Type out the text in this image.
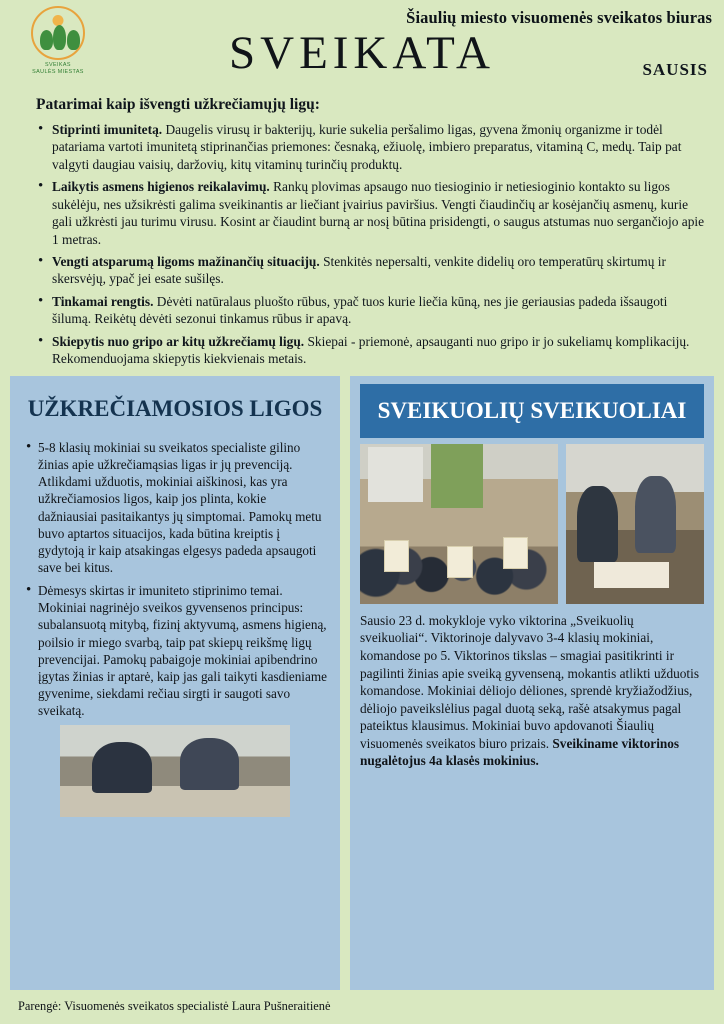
SVEIKAS
SAULĖS MIESTAS
Šiaulių miesto visuomenės sveikatos biuras
SVEIKATA	SAUSIS
Patarimai kaip išvengti užkrečiamųjų ligų:
• Stiprinti imunitetą. Daugelis virusų ir bakterijų, kurie sukelia peršalimo ligas, gyvena žmonių organizme ir todėl patariama vartoti imunitetą stiprinančias priemones: česnaką, ežiuolę, imbiero preparatus, vitaminą C, medų. Taip pat valgyti daugiau vaisių, daržovių, kitų vitaminų turinčių produktų.
• Laikytis asmens higienos reikalavimų. Rankų plovimas apsaugo nuo tiesioginio ir netiesioginio kontakto su ligos sukėlėju, nes užsikrėsti galima sveikinantis ar liečiant įvairius paviršius. Vengti čiaudinčių ar kosėjančių asmenų, kurie gali užkrėsti jau turimu virusu. Kosint ar čiaudint burną ar nosį būtina prisidengti, o saugus atstumas nuo sergančiojo apie 1 metras.
• Vengti atsparumą ligoms mažinančių situacijų. Stenkitės nepersalti, venkite didelių oro temperatūrų skirtumų ir skersvėjų, ypač jei esate sušilęs.
• Tinkamai rengtis. Dėvėti natūralaus pluošto rūbus, ypač tuos kurie liečia kūną, nes jie geriausias padeda išsaugoti šilumą. Reikėtų dėvėti sezonui tinkamus rūbus ir apavą.
• Skiepytis nuo gripo ar kitų užkrečiamų ligų. Skiepai - priemonė, apsauganti nuo gripo ir jo sukeliamų komplikacijų. Rekomenduojama skiepytis kiekvienais metais.
UŽKREČIAMOSIOS LIGOS
• 5-8 klasių mokiniai su sveikatos specialiste gilino žinias apie užkrečiamąsias ligas ir jų prevenciją. Atlikdami užduotis, mokiniai aiškinosi, kas yra užkrečiamosios ligos, kaip jos plinta, kokie dažniausiai pasitaikantys jų simptomai. Pamokų metu buvo aptartos situacijos, kada būtina kreiptis į gydytoją ir kaip atsakingas elgesys padeda apsaugoti save bei kitus.
• Dėmesys skirtas ir imuniteto stiprinimo temai. Mokiniai nagrinėjo sveikos gyvensenos principus: subalansuotą mitybą, fizinį aktyvumą, asmens higieną, poilsio ir miego svarbą, taip pat skiepų reikšmę ligų prevencijai. Pamokų pabaigoje mokiniai apibendrino įgytas žinias ir aptarė, kaip jas gali taikyti kasdieniame gyvenime, siekdami rečiau sirgti ir saugoti savo sveikatą.
SVEIKUOLIŲ SVEIKUOLIAI
Sausio 23 d. mokykloje vyko viktorina „Sveikuolių sveikuoliai“. Viktorinoje dalyvavo 3-4 klasių mokiniai, komandose po 5. Viktorinos tikslas – smagiai pasitikrinti ir pagilinti žinias apie sveiką gyvenseną, mokantis atlikti užduotis komandose. Mokiniai dėliojo dėliones, sprendė kryžiažodžius, dėliojo paveikslėlius pagal duotą seką, rašė atsakymus pagal pateiktus klausimus. Mokiniai buvo apdovanoti Šiaulių visuomenės sveikatos biuro prizais. Sveikiname viktorinos nugalėtojus 4a klasės mokinius.
Parengė: Visuomenės sveikatos specialistė Laura Pušneraitienė
